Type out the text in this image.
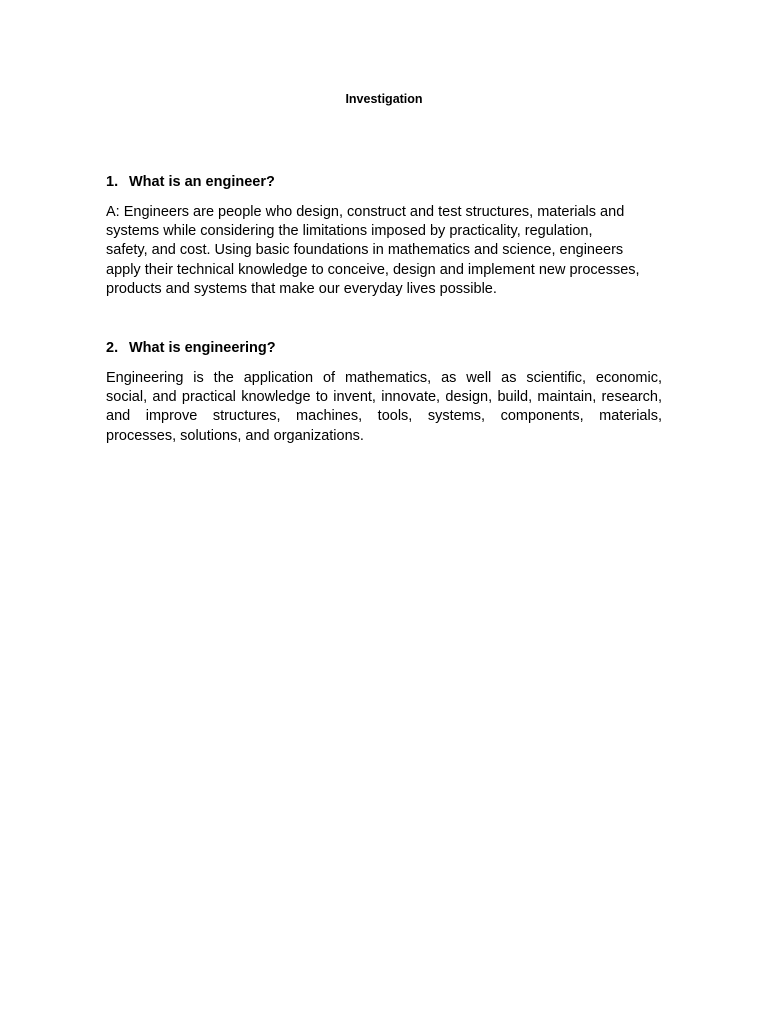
Investigation
1. What is an engineer?
A: Engineers are people who design, construct and test structures, materials and
systems while considering the limitations imposed by practicality, regulation,
safety, and cost. Using basic foundations in mathematics and science, engineers
apply their technical knowledge to conceive, design and implement new processes,
products and systems that make our everyday lives possible.
2. What is engineering?
Engineering is the application of mathematics, as well as scientific, economic,
social, and practical knowledge to invent, innovate, design, build, maintain, research,
and improve structures, machines, tools, systems, components, materials,
processes, solutions, and organizations.
